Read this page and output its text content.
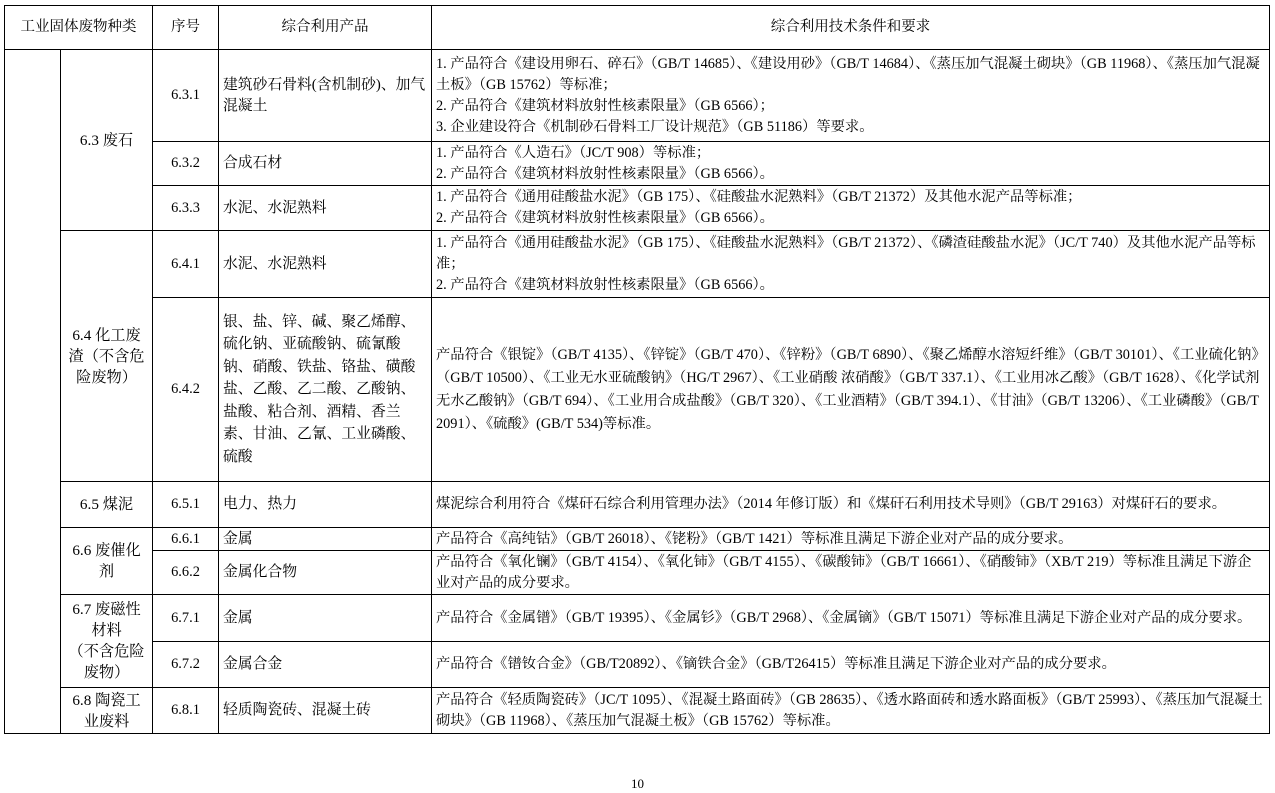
工业固体废物种类		序号	综合利用产品	综合利用技术条件和要求
	6.3 废石	6.3.1	建筑砂石骨料(含机制砂)、加气混凝土	1. 产品符合《建设用卵石、碎石》（GB/T 14685）、《建设用砂》（GB/T 14684）、《蒸压加气混凝土砌块》（GB 11968）、《蒸压加气混凝土板》（GB 15762）等标准；
2. 产品符合《建筑材料放射性核素限量》（GB 6566）；
3. 企业建设符合《机制砂石骨料工厂设计规范》（GB 51186）等要求。

		6.3.2	合成石材	1. 产品符合《人造石》（JC/T 908）等标准；
2. 产品符合《建筑材料放射性核素限量》（GB 6566）。

		6.3.3	水泥、水泥熟料	1. 产品符合《通用硅酸盐水泥》（GB 175）、《硅酸盐水泥熟料》（GB/T 21372）及其他水泥产品等标准；
2. 产品符合《建筑材料放射性核素限量》（GB 6566）。

	6.4 化工废渣（不含危险废物）	6.4.1	水泥、水泥熟料	1. 产品符合《通用硅酸盐水泥》（GB 175）、《硅酸盐水泥熟料》（GB/T 21372）、《磷渣硅酸盐水泥》（JC/T 740）及其他水泥产品等标准；
2. 产品符合《建筑材料放射性核素限量》（GB 6566）。

		6.4.2	银、盐、锌、碱、聚乙烯醇、硫化钠、亚硫酸钠、硫氰酸钠、硝酸、铁盐、铬盐、磺酸盐、乙酸、乙二酸、乙酸钠、盐酸、粘合剂、酒精、香兰素、甘油、乙氰、工业磷酸、硫酸	产品符合《银锭》（GB/T 4135）、《锌锭》（GB/T 470）、《锌粉》（GB/T 6890）、《聚乙烯醇水溶短纤维》（GB/T 30101）、《工业硫化钠》（GB/T 10500）、《工业无水亚硫酸钠》（HG/T 2967）、《工业硝酸 浓硝酸》（GB/T 337.1）、《工业用冰乙酸》（GB/T 1628）、《化学试剂 无水乙酸钠》（GB/T 694）、《工业用合成盐酸》（GB/T 320）、《工业酒精》（GB/T 394.1）、《甘油》（GB/T 13206）、《工业磷酸》（GB/T 2091）、《硫酸》(GB/T 534)等标准。
	6.5 煤泥	6.5.1	电力、热力	煤泥综合利用符合《煤矸石综合利用管理办法》（2014 年修订版）和《煤矸石利用技术导则》（GB/T 29163）对煤矸石的要求。
	6.6 废催化剂	6.6.1	金属	产品符合《高纯钴》（GB/T 26018）、《铑粉》（GB/T 1421）等标准且满足下游企业对产品的成分要求。
		6.6.2	金属化合物	产品符合《氧化镧》（GB/T 4154）、《氧化铈》（GB/T 4155）、《碳酸铈》（GB/T 16661）、《硝酸铈》（XB/T 219）等标准且满足下游企业对产品的成分要求。

	6.7 废磁性材料
（不含危险废物）	6.7.1	金属	产品符合《金属镨》（GB/T 19395）、《金属钐》（GB/T 2968）、《金属镝》（GB/T 15071）等标准且满足下游企业对产品的成分要求。
		6.7.2	金属合金	产品符合《镨钕合金》（GB/T20892）、《镝铁合金》（GB/T26415）等标准且满足下游企业对产品的成分要求。
	6.8 陶瓷工业废料	6.8.1	轻质陶瓷砖、混凝土砖	产品符合《轻质陶瓷砖》（JC/T 1095）、《混凝土路面砖》（GB 28635）、《透水路面砖和透水路面板》（GB/T 25993）、《蒸压加气混凝土砌块》（GB 11968）、《蒸压加气混凝土板》（GB 15762）等标准。
10
